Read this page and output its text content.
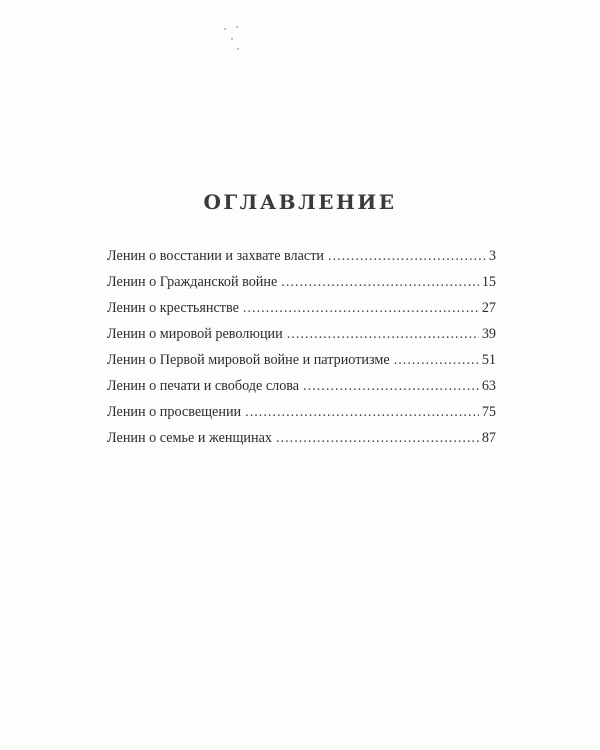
ОГЛАВЛЕНИЕ
Ленин о восстании и захвате власти .....	3
Ленин о Гражданской войне .....	15
Ленин о крестьянстве .....	27
Ленин о мировой революции .....	39
Ленин о Первой мировой войне и патриотизме .....	51
Ленин о печати и свободе слова .....	63
Ленин о просвещении .....	75
Ленин о семье и женщинах .....	87
